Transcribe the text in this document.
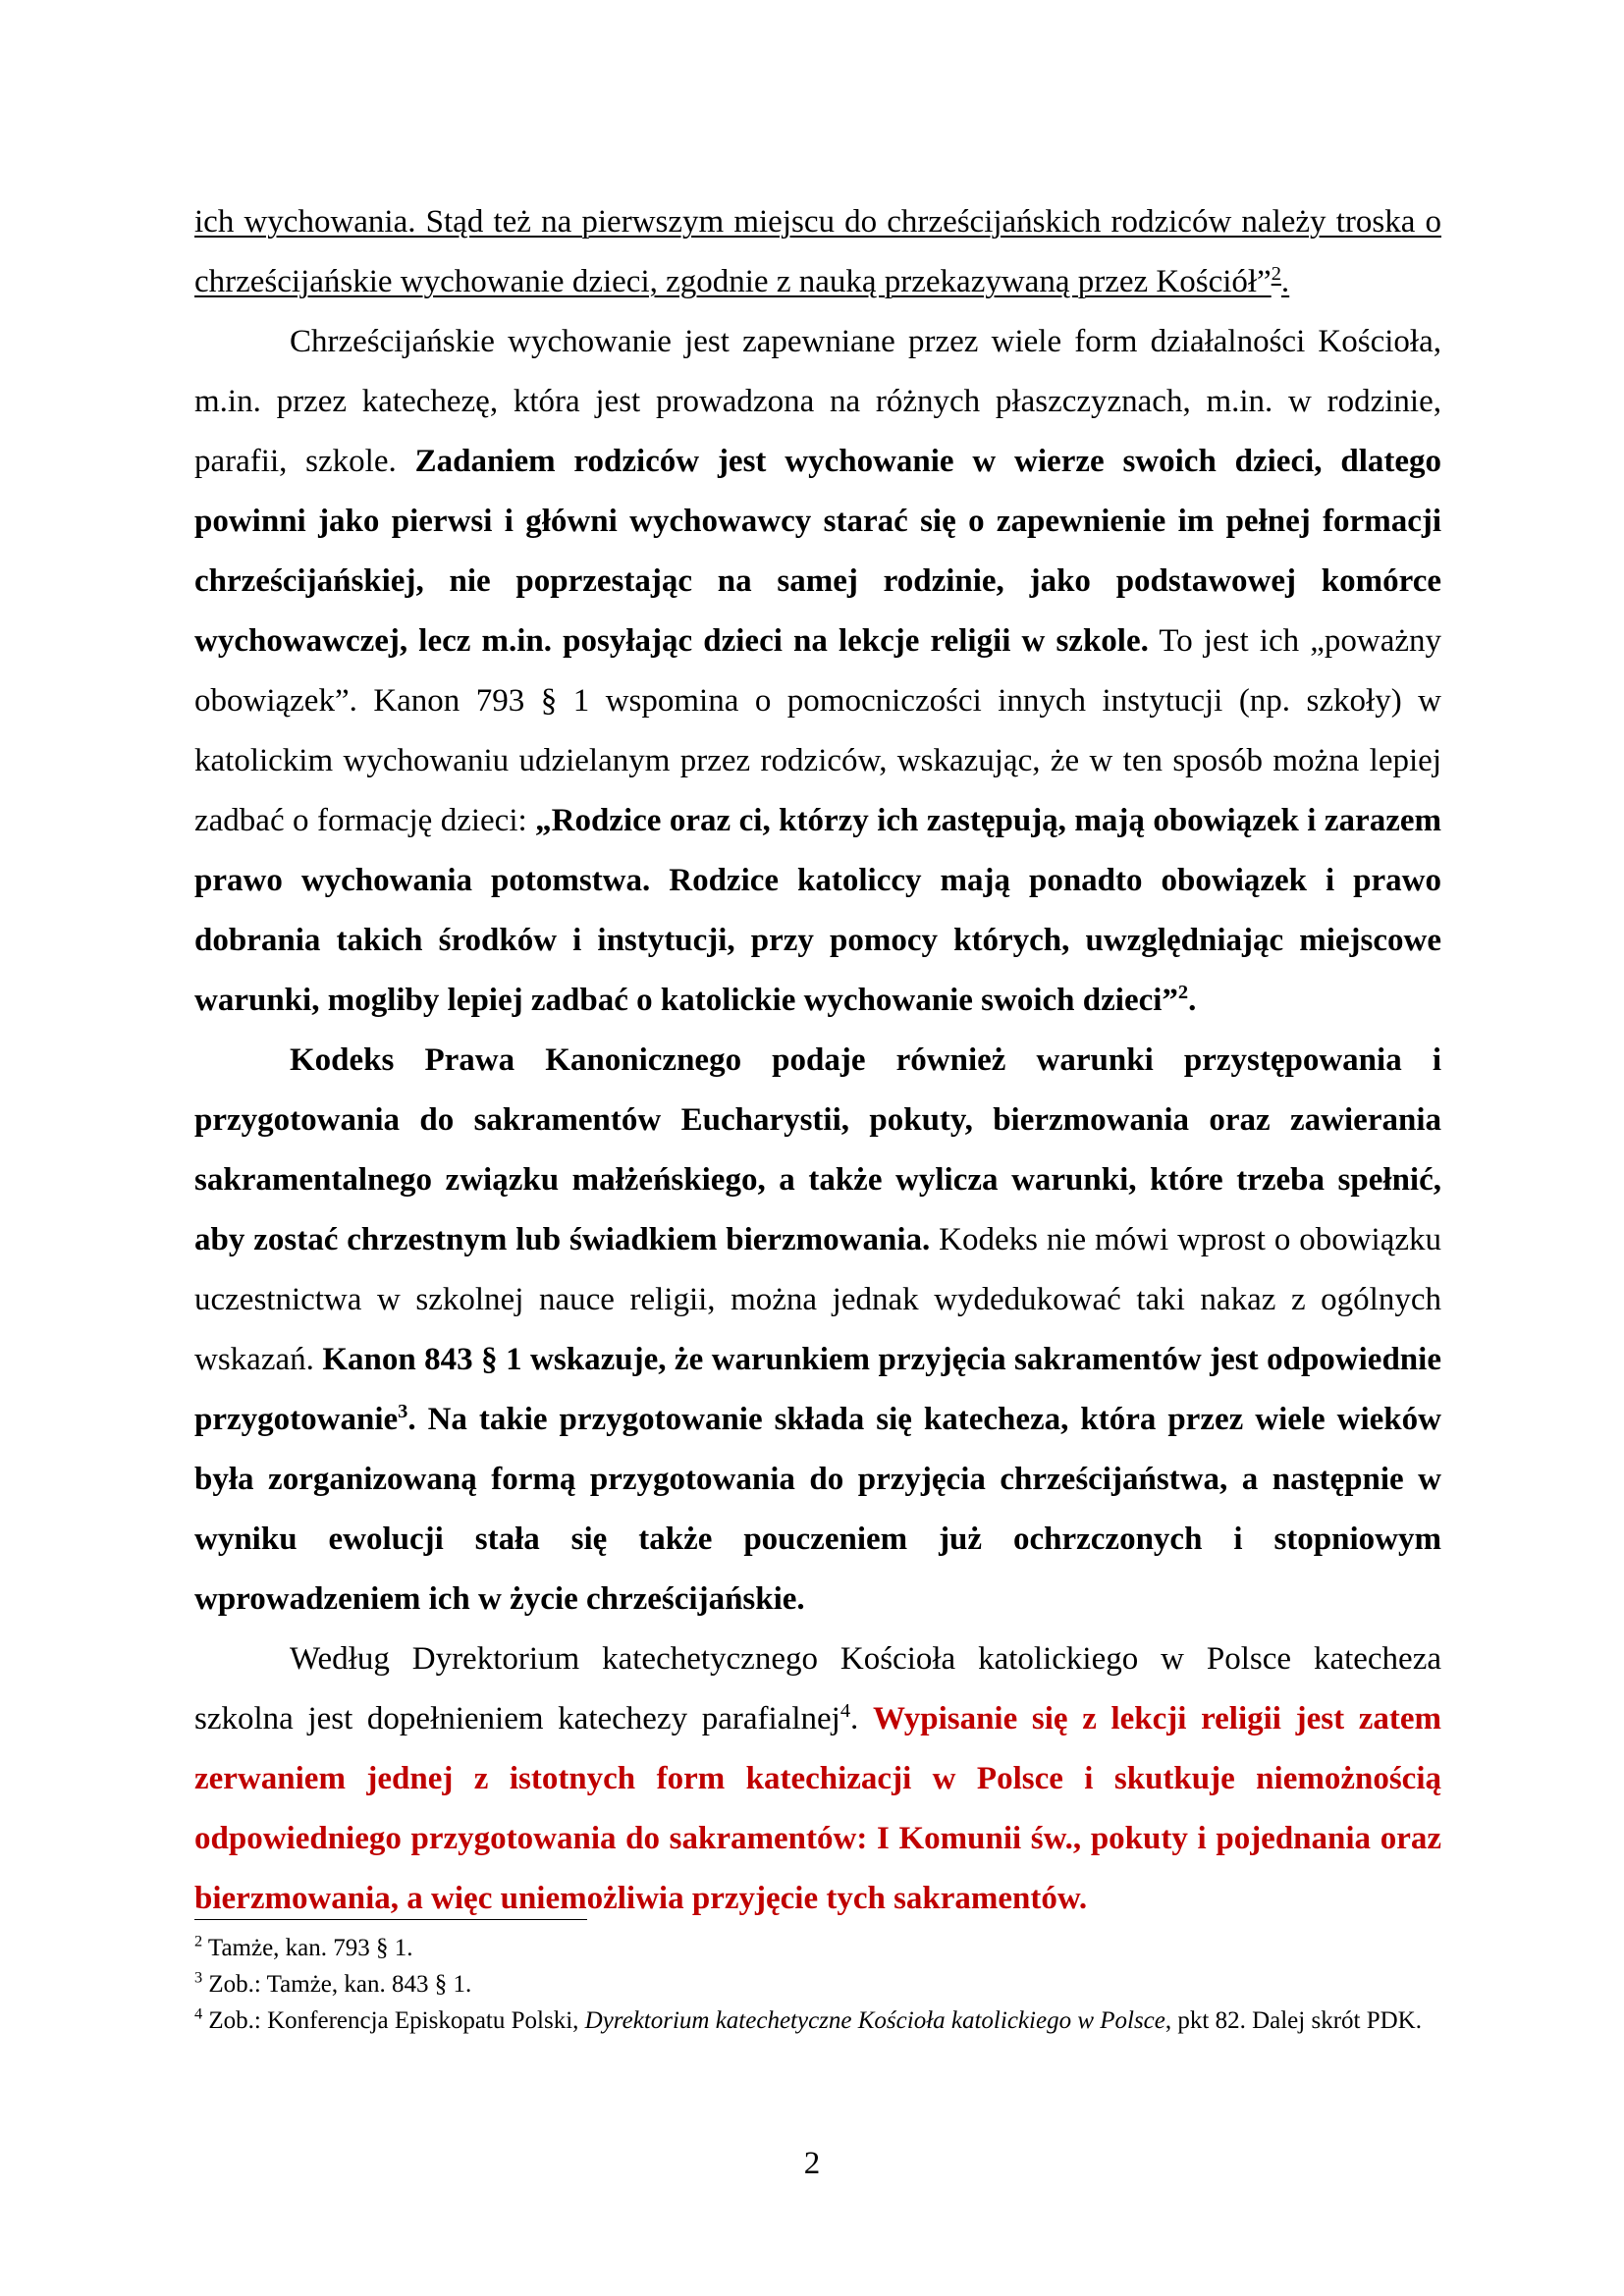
ich wychowania. Stąd też na pierwszym miejscu do chrześcijańskich rodziców należy troska o chrześcijańskie wychowanie dzieci, zgodnie z nauką przekazywaną przez Kościół”$^2$.

Chrześcijańskie wychowanie jest zapewniane przez wiele form działalności Kościoła, m.in. przez katechezę, która jest prowadzona na różnych płaszczyznach, m.in. w rodzinie, parafii, szkole. Zadaniem rodziców jest wychowanie w wierze swoich dzieci, dlatego powinni jako pierwsi i główni wychowawcy starać się o zapewnienie im pełnej formacji chrześcijańskiej, nie poprzestając na samej rodzinie, jako podstawowej komórce wychowawczej, lecz m.in. posyłając dzieci na lekcje religii w szkole. To jest ich „poważny obowiązek”. Kanon 793 § 1 wspomina o pomocniczości innych instytucji (np. szkoły) w katolickim wychowaniu udzielanym przez rodziców, wskazując, że w ten sposób można lepiej zadbać o formację dzieci: „Rodzice oraz ci, którzy ich zastępują, mają obowiązek i zarazem prawo wychowania potomstwa. Rodzice katoliccy mają ponadto obowiązek i prawo dobrania takich środków i instytucji, przy pomocy których, uwzględniając miejscowe warunki, mogliby lepiej zadbać o katolickie wychowanie swoich dzieci”$^2$.

Kodeks Prawa Kanonicznego podaje również warunki przystępowania i przygotowania do sakramentów Eucharystii, pokuty, bierzmowania oraz zawierania sakramentalnego związku małżeńskiego, a także wylicza warunki, które trzeba spełnić, aby zostać chrzestnym lub świadkiem bierzmowania. Kodeks nie mówi wprost o obowiązku uczestnictwa w szkolnej nauce religii, można jednak wydedukować taki nakaz z ogólnych wskazań. Kanon 843 § 1 wskazuje, że warunkiem przyjęcia sakramentów jest odpowiednie przygotowanie$^3$. Na takie przygotowanie składa się katecheza, która przez wiele wieków była zorganizowaną formą przygotowania do przyjęcia chrześcijaństwa, a następnie w wyniku ewolucji stała się także pouczeniem już ochrzczonych i stopniowym wprowadzeniem ich w życie chrześcijańskie.

Według Dyrektorium katechetycznego Kościoła katolickiego w Polsce katecheza szkolna jest dopełnieniem katechezy parafialnej$^4$. Wypisanie się z lekcji religii jest zatem zerwaniem jednej z istotnych form katechizacji w Polsce i skutkuje niemożnością odpowiedniego przygotowania do sakramentów: I Komunii św., pokuty i pojednania oraz bierzmowania, a więc uniemożliwia przyjęcie tych sakramentów.

$^2$ Tamże, kan. 793 § 1.

$^3$ Zob.: Tamże, kan. 843 § 1.

$^4$ Zob.: Konferencja Episkopatu Polski, Dyrektorium katechetyczne Kościoła katolickiego w Polsce, pkt 82. Dalej skrót PDK.

2
